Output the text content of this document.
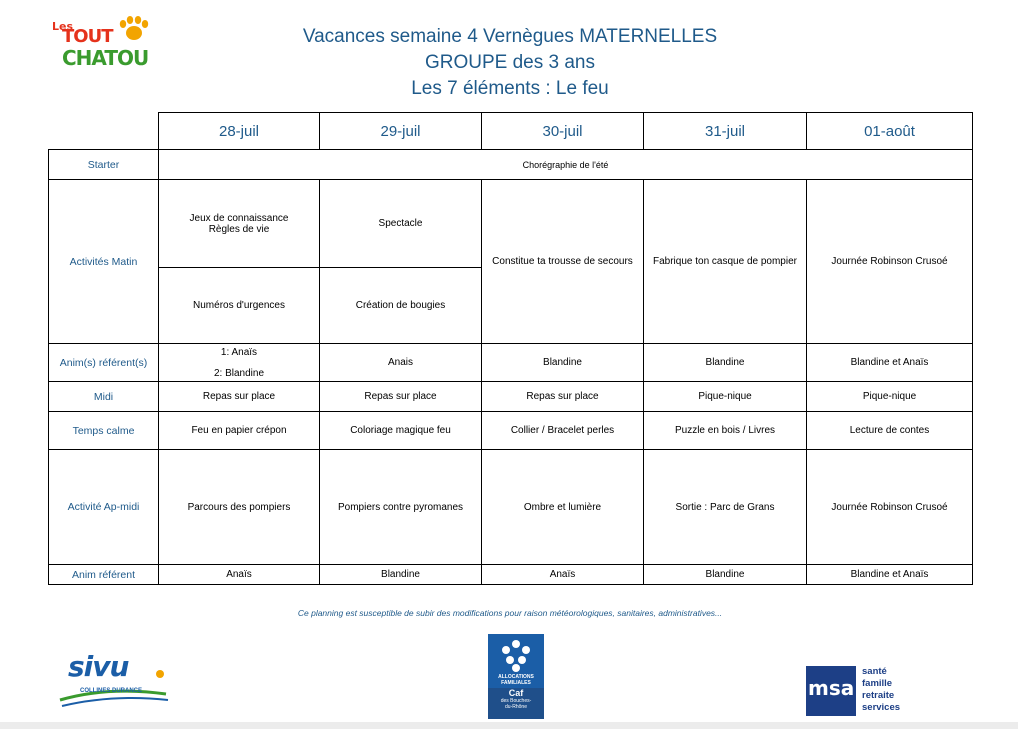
Les
TOUT
CHATOU
Vacances semaine 4 Vernègues MATERNELLES
GROUPE des 3 ans
Les 7 éléments : Le feu
	28-juil	29-juil	30-juil	31-juil	01-août
Starter	Chorégraphie de l'été				
Activités Matin	Jeux de connaissance
Règles de vie	Spectacle	Constitue ta trousse de secours	Fabrique ton casque de pompier	Journée Robinson Crusoé
	Numéros d'urgences	Création de bougies			
Anim(s) référent(s)	1: Anaïs
2: Blandine	Anais	Blandine	Blandine	Blandine et Anaïs
Midi	Repas sur place	Repas sur place	Repas sur place	Pique-nique	Pique-nique
Temps calme	Feu en papier crépon	Coloriage magique feu	Collier / Bracelet perles	Puzzle en bois / Livres	Lecture de contes
Activité Ap-midi	Parcours des pompiers	Pompiers contre pyromanes	Ombre et lumière	Sortie : Parc de Grans	Journée Robinson Crusoé
Anim référent	Anaïs	Blandine	Anaïs	Blandine	Blandine et Anaïs
Ce planning est susceptible de subir des modifications pour raison météorologiques, sanitaires, administratives...
sivu
COLLINES DURANCE
ALLOCATIONS
FAMILIALES
Caf
des Bouches-
du-Rhône
msa
santé
famille
retraite
services
